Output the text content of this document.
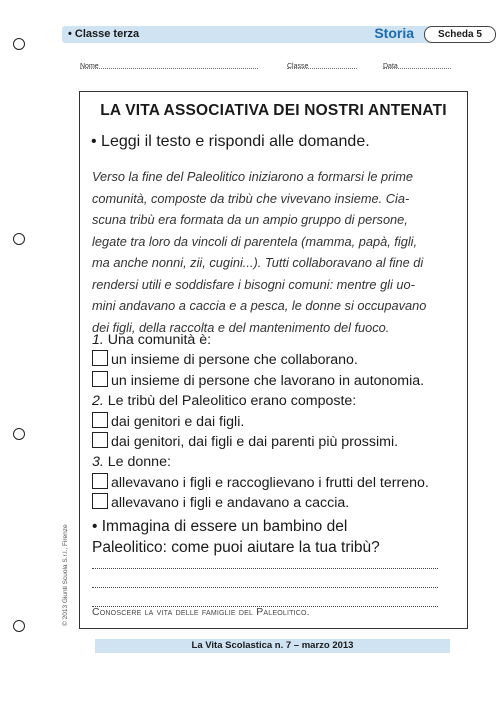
• Classe terza	Storia	Scheda 5
Nome	Classe	Data
LA VITA ASSOCIATIVA DEI NOSTRI ANTENATI
• Leggi il testo e rispondi alle domande.
Verso la fine del Paleolitico iniziarono a formarsi le prime
comunità, composte da tribù che vivevano insieme. Cia-
scuna tribù era formata da un ampio gruppo di persone,
legate tra loro da vincoli di parentela (mamma, papà, figli,
ma anche nonni, zii, cugini...). Tutti collaboravano al fine di
rendersi utili e soddisfare i bisogni comuni: mentre gli uo-
mini andavano a caccia e a pesca, le donne si occupavano
dei figli, della raccolta e del mantenimento del fuoco.
1. Una comunità è:
un insieme di persone che collaborano.
un insieme di persone che lavorano in autonomia.
2. Le tribù del Paleolitico erano composte:
dai genitori e dai figli.
dai genitori, dai figli e dai parenti più prossimi.
3. Le donne:
allevavano i figli e raccoglievano i frutti del terreno.
allevavano i figli e andavano a caccia.
• Immagina di essere un bambino del
Paleolitico: come puoi aiutare la tua tribù?
Conoscere la vita delle famiglie del Paleolitico.
© 2013 Giunti Scuola S.r.l., Firenze
La Vita Scolastica n. 7 – marzo 2013
